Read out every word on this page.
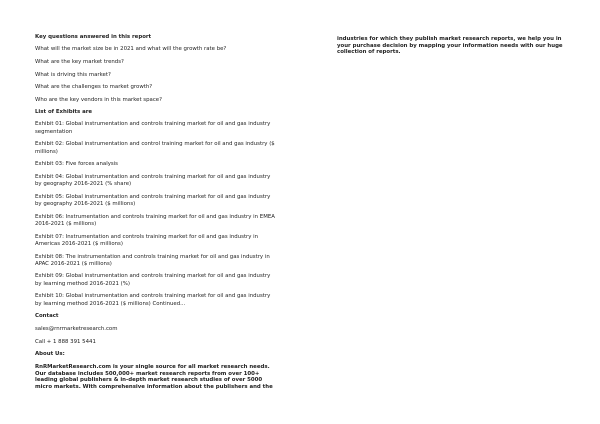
Key questions answered in this report
What will the market size be in 2021 and what will the growth rate be?
What are the key market trends?
What is driving this market?
What are the challenges to market growth?
Who are the key vendors in this market space?
List of Exhibits are
Exhibit 01: Global instrumentation and controls training market for oil and gas industry segmentation
Exhibit 02: Global instrumentation and control training market for oil and gas industry ($ millions)
Exhibit 03: Five forces analysis
Exhibit 04: Global instrumentation and controls training market for oil and gas industry by geography 2016-2021 (% share)
Exhibit 05: Global instrumentation and controls training market for oil and gas industry by geography 2016-2021 ($ millions)
Exhibit 06: Instrumentation and controls training market for oil and gas industry in EMEA 2016-2021 ($ millions)
Exhibit 07: Instrumentation and controls training market for oil and gas industry in Americas 2016-2021 ($ millions)
Exhibit 08: The instrumentation and controls training market for oil and gas industry in APAC 2016-2021 ($ millions)
Exhibit 09: Global instrumentation and controls training market for oil and gas industry by learning method 2016-2021 (%)
Exhibit 10: Global instrumentation and controls training market for oil and gas industry by learning method 2016-2021 ($ millions) Continued...
Contact
sales@rnrmarketresearch.com
Call + 1 888 391 5441
About Us:
RnRMarketResearch.com is your single source for all market research needs. Our database includes 500,000+ market research reports from over 100+ leading global publishers & in-depth market research studies of over 5000 micro markets. With comprehensive information about the publishers and the
industries for which they publish market research reports, we help you in your purchase decision by mapping your information needs with our huge collection of reports.
